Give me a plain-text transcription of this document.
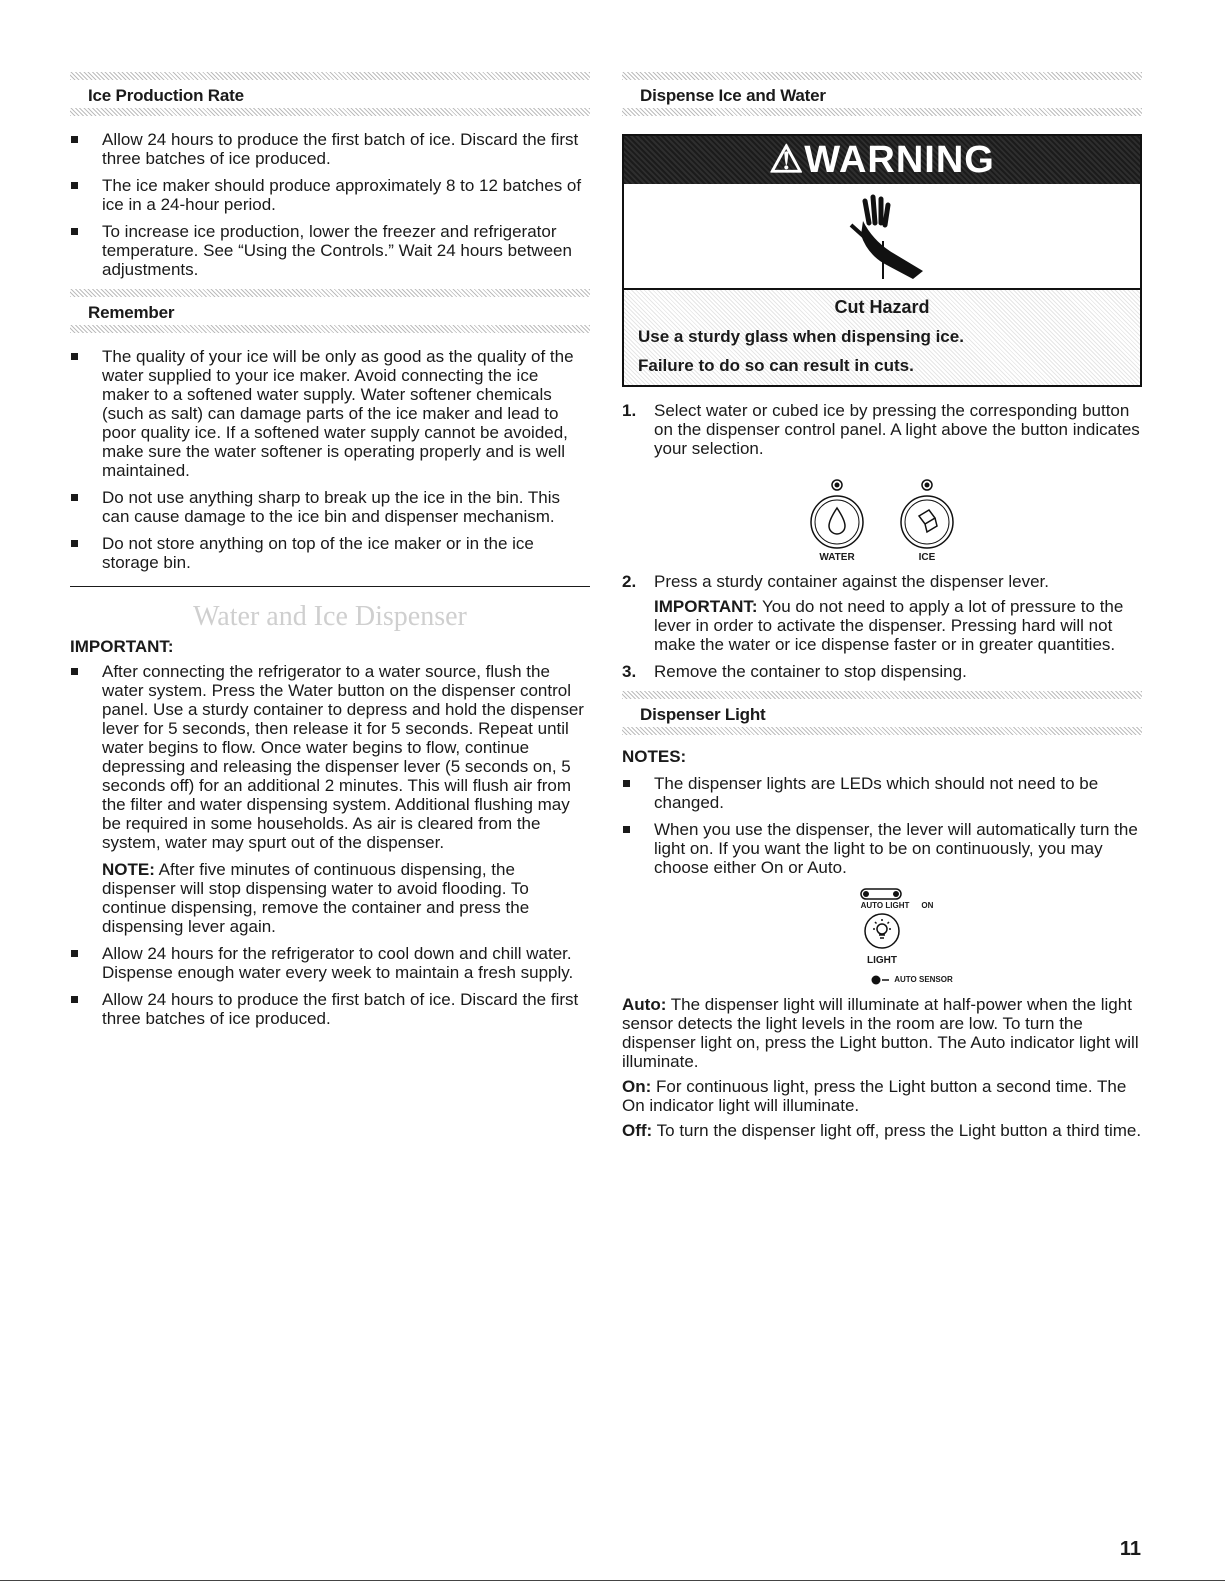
Ice Production Rate
Allow 24 hours to produce the first batch of ice. Discard the first three batches of ice produced.
The ice maker should produce approximately 8 to 12 batches of ice in a 24-hour period.
To increase ice production, lower the freezer and refrigerator temperature. See “Using the Controls.” Wait 24 hours between adjustments.
Remember
The quality of your ice will be only as good as the quality of the water supplied to your ice maker. Avoid connecting the ice maker to a softened water supply. Water softener chemicals (such as salt) can damage parts of the ice maker and lead to poor quality ice. If a softened water supply cannot be avoided, make sure the water softener is operating properly and is well maintained.
Do not use anything sharp to break up the ice in the bin. This can cause damage to the ice bin and dispenser mechanism.
Do not store anything on top of the ice maker or in the ice storage bin.
Water and Ice Dispenser
IMPORTANT:
After connecting the refrigerator to a water source, flush the water system. Press the Water button on the dispenser control panel. Use a sturdy container to depress and hold the dispenser lever for 5 seconds, then release it for 5 seconds. Repeat until water begins to flow. Once water begins to flow, continue depressing and releasing the dispenser lever (5 seconds on, 5 seconds off) for an additional 2 minutes. This will flush air from the filter and water dispensing system. Additional flushing may be required in some households. As air is cleared from the system, water may spurt out of the dispenser.
NOTE: After five minutes of continuous dispensing, the dispenser will stop dispensing water to avoid flooding. To continue dispensing, remove the container and press the dispensing lever again.
Allow 24 hours for the refrigerator to cool down and chill water. Dispense enough water every week to maintain a fresh supply.
Allow 24 hours to produce the first batch of ice. Discard the first three batches of ice produced.
Dispense Ice and Water
⚠WARNING
Cut Hazard
Use a sturdy glass when dispensing ice.
Failure to do so can result in cuts.
1. Select water or cubed ice by pressing the corresponding button on the dispenser control panel. A light above the button indicates your selection.
WATER	ICE
2. Press a sturdy container against the dispenser lever.
IMPORTANT: You do not need to apply a lot of pressure to the lever in order to activate the dispenser. Pressing hard will not make the water or ice dispense faster or in greater quantities.
3. Remove the container to stop dispensing.
Dispenser Light
NOTES:
The dispenser lights are LEDs which should not need to be changed.
When you use the dispenser, the lever will automatically turn the light on. If you want the light to be on continuously, you may choose either On or Auto.
AUTO LIGHT ON
LIGHT
AUTO SENSOR

Auto: The dispenser light will illuminate at half-power when the light sensor detects the light levels in the room are low. To turn the dispenser light on, press the Light button. The Auto indicator light will illuminate.

On: For continuous light, press the Light button a second time. The On indicator light will illuminate.

Off: To turn the dispenser light off, press the Light button a third time.

11
